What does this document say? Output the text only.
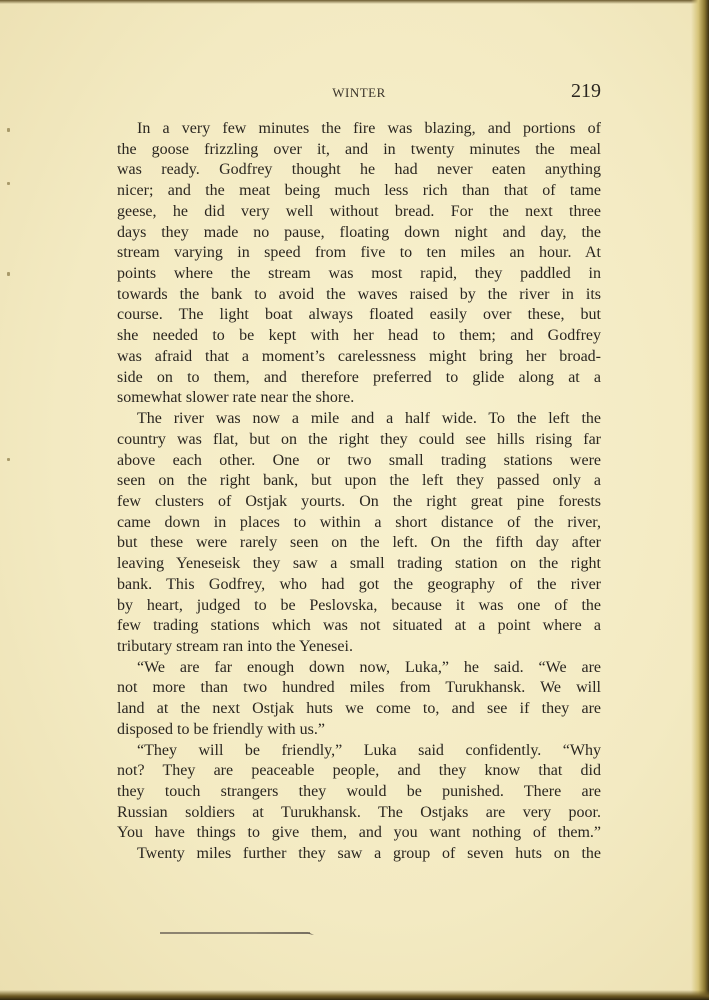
WINTER	219
In a very few minutes the fire was blazing, and portions of
the goose frizzling over it, and in twenty minutes the meal
was ready. Godfrey thought he had never eaten anything
nicer; and the meat being much less rich than that of tame
geese, he did very well without bread. For the next three
days they made no pause, floating down night and day, the
stream varying in speed from five to ten miles an hour. At
points where the stream was most rapid, they paddled in
towards the bank to avoid the waves raised by the river in its
course. The light boat always floated easily over these, but
she needed to be kept with her head to them; and Godfrey
was afraid that a moment’s carelessness might bring her broad-
side on to them, and therefore preferred to glide along at a
somewhat slower rate near the shore.
The river was now a mile and a half wide. To the left the
country was flat, but on the right they could see hills rising far
above each other. One or two small trading stations were
seen on the right bank, but upon the left they passed only a
few clusters of Ostjak yourts. On the right great pine forests
came down in places to within a short distance of the river,
but these were rarely seen on the left. On the fifth day after
leaving Yeneseisk they saw a small trading station on the right
bank. This Godfrey, who had got the geography of the river
by heart, judged to be Peslovska, because it was one of the
few trading stations which was not situated at a point where a
tributary stream ran into the Yenesei.
“We are far enough down now, Luka,” he said. “We are
not more than two hundred miles from Turukhansk. We will
land at the next Ostjak huts we come to, and see if they are
disposed to be friendly with us.”
“They will be friendly,” Luka said confidently. “Why
not? They are peaceable people, and they know that did
they touch strangers they would be punished. There are
Russian soldiers at Turukhansk. The Ostjaks are very poor.
You have things to give them, and you want nothing of them.”
Twenty miles further they saw a group of seven huts on the
